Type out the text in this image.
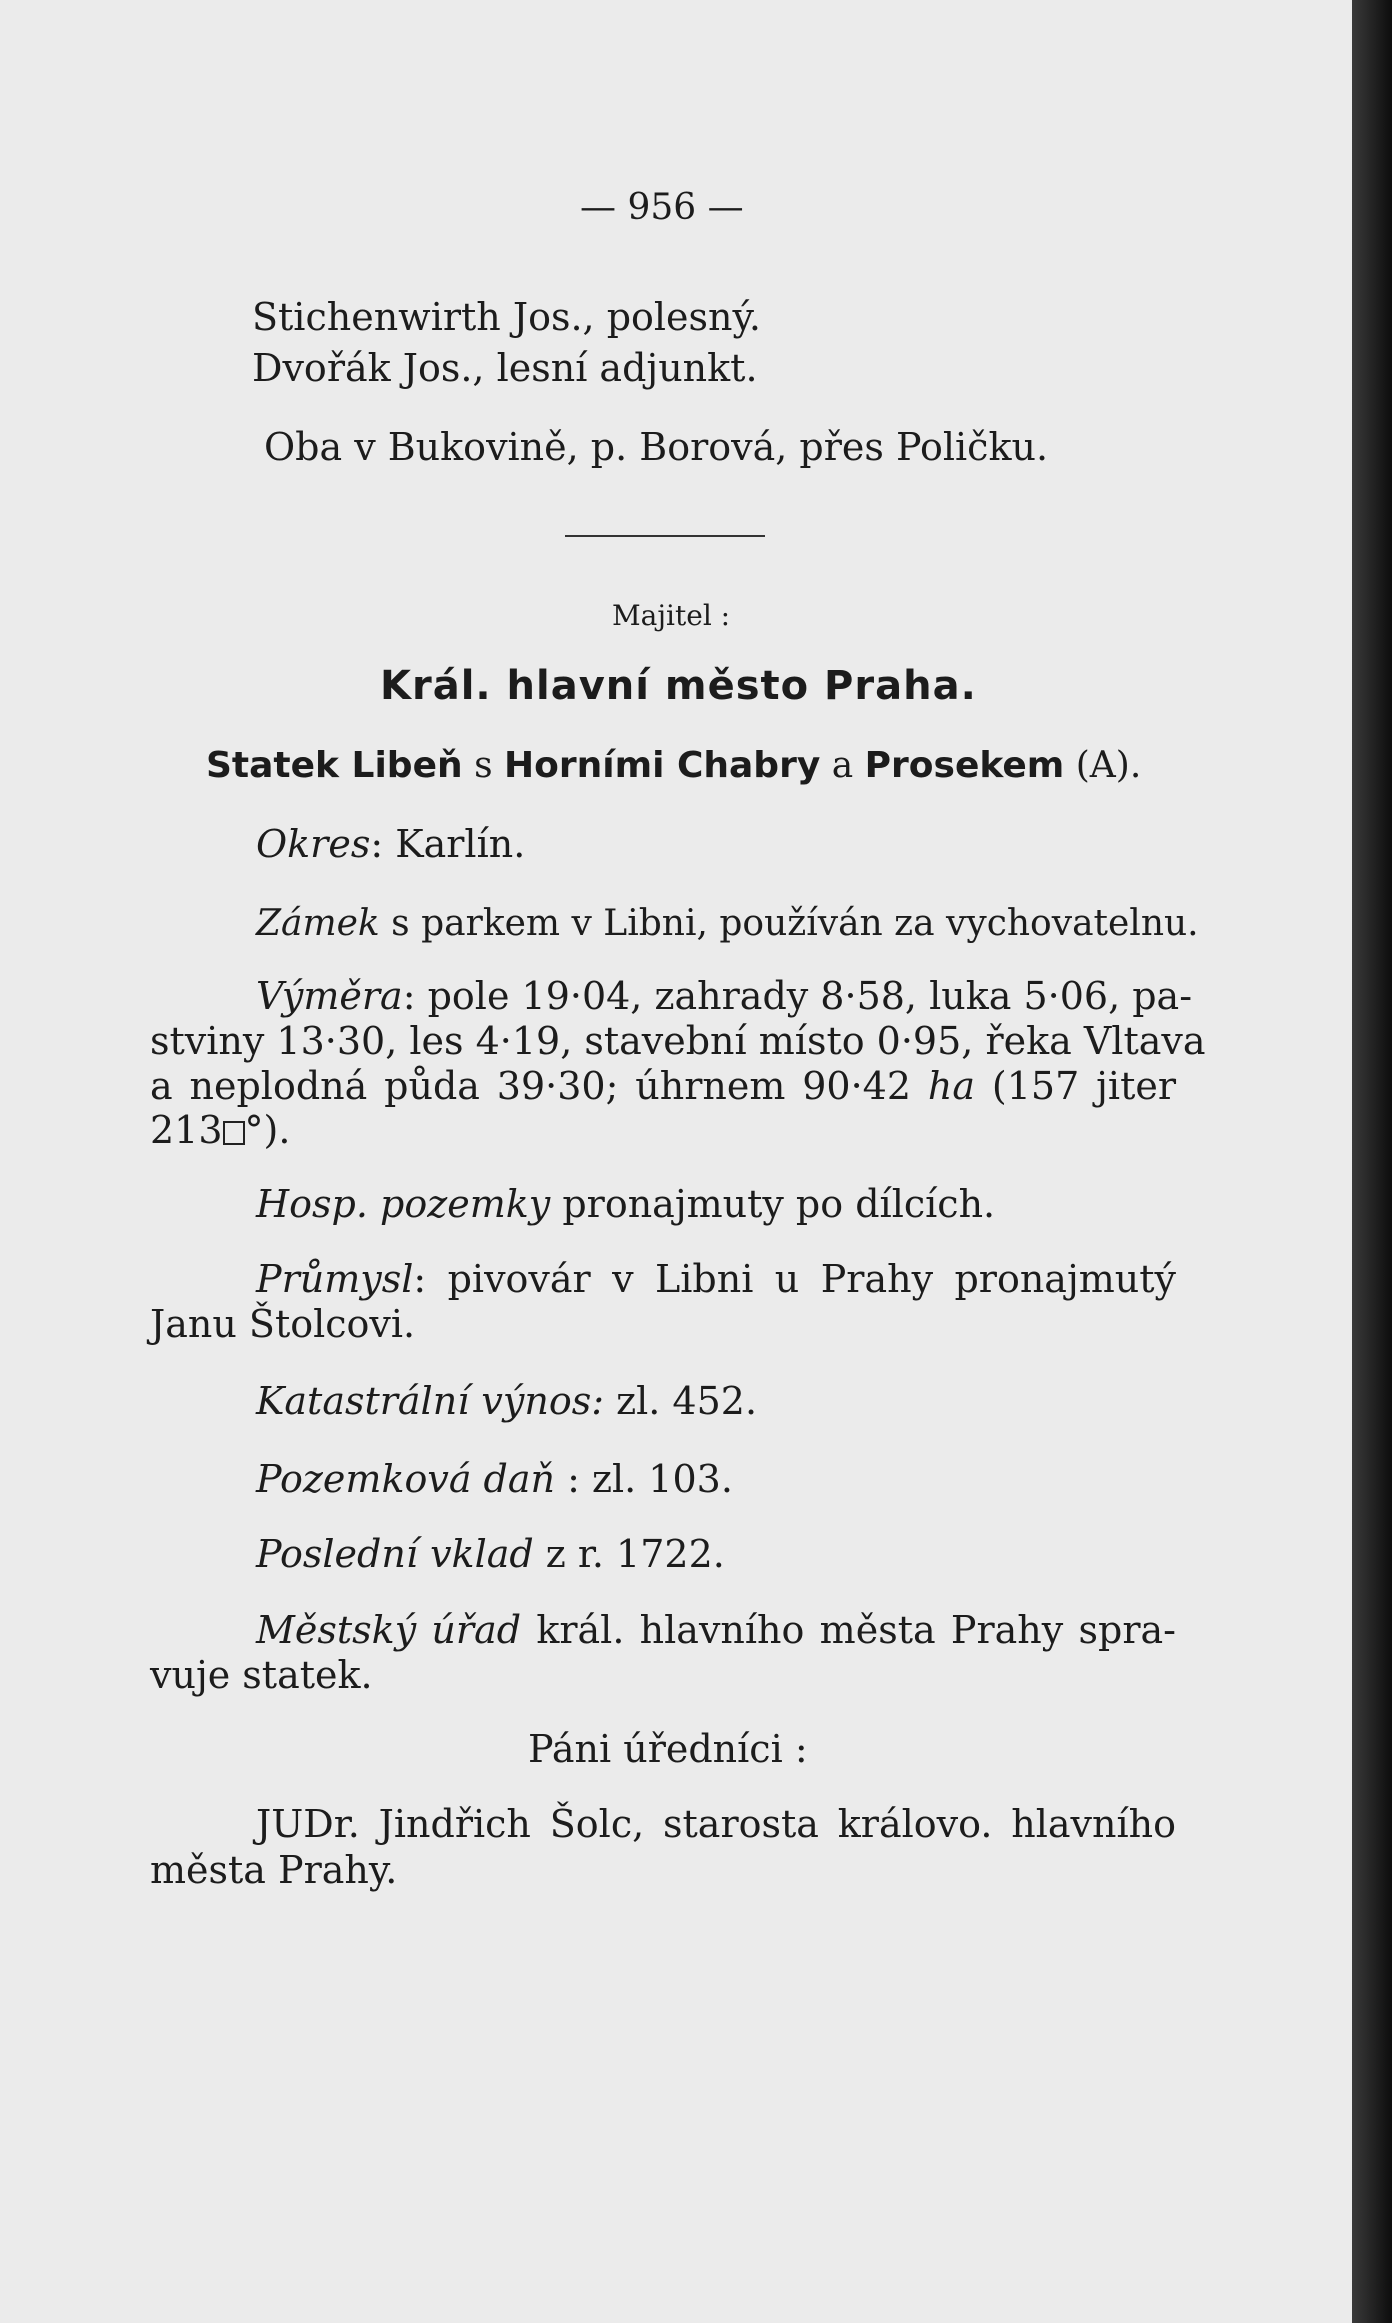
— 956 —

Stichenwirth Jos., polesný.

Dvořák Jos., lesní adjunkt.

Oba v Bukovině, p. Borová, přes Poličku.

Majitel :

Král. hlavní město Praha.

Statek Libeň s Horními Chabry a Prosekem (A).

Okres: Karlín.

Zámek s parkem v Libni, používán za vychovatelnu.

Výměra: pole 19·04, zahrady 8·58, luka 5·06, pa-

stviny 13·30, les 4·19, stavební místo 0·95, řeka Vltava

a neplodná půda 39·30; úhrnem 90·42 ha (157 jiter

213 °).

Hosp. pozemky pronajmuty po dílcích.

Průmysl: pivovár v Libni u Prahy pronajmutý

Janu Štolcovi.

Katastrální výnos: zl. 452.

Pozemková daň : zl. 103.

Poslední vklad z r. 1722.

Městský úřad král. hlavního města Prahy spra-

vuje statek.

Páni úředníci :

JUDr. Jindřich Šolc, starosta královo. hlavního

města Prahy.
